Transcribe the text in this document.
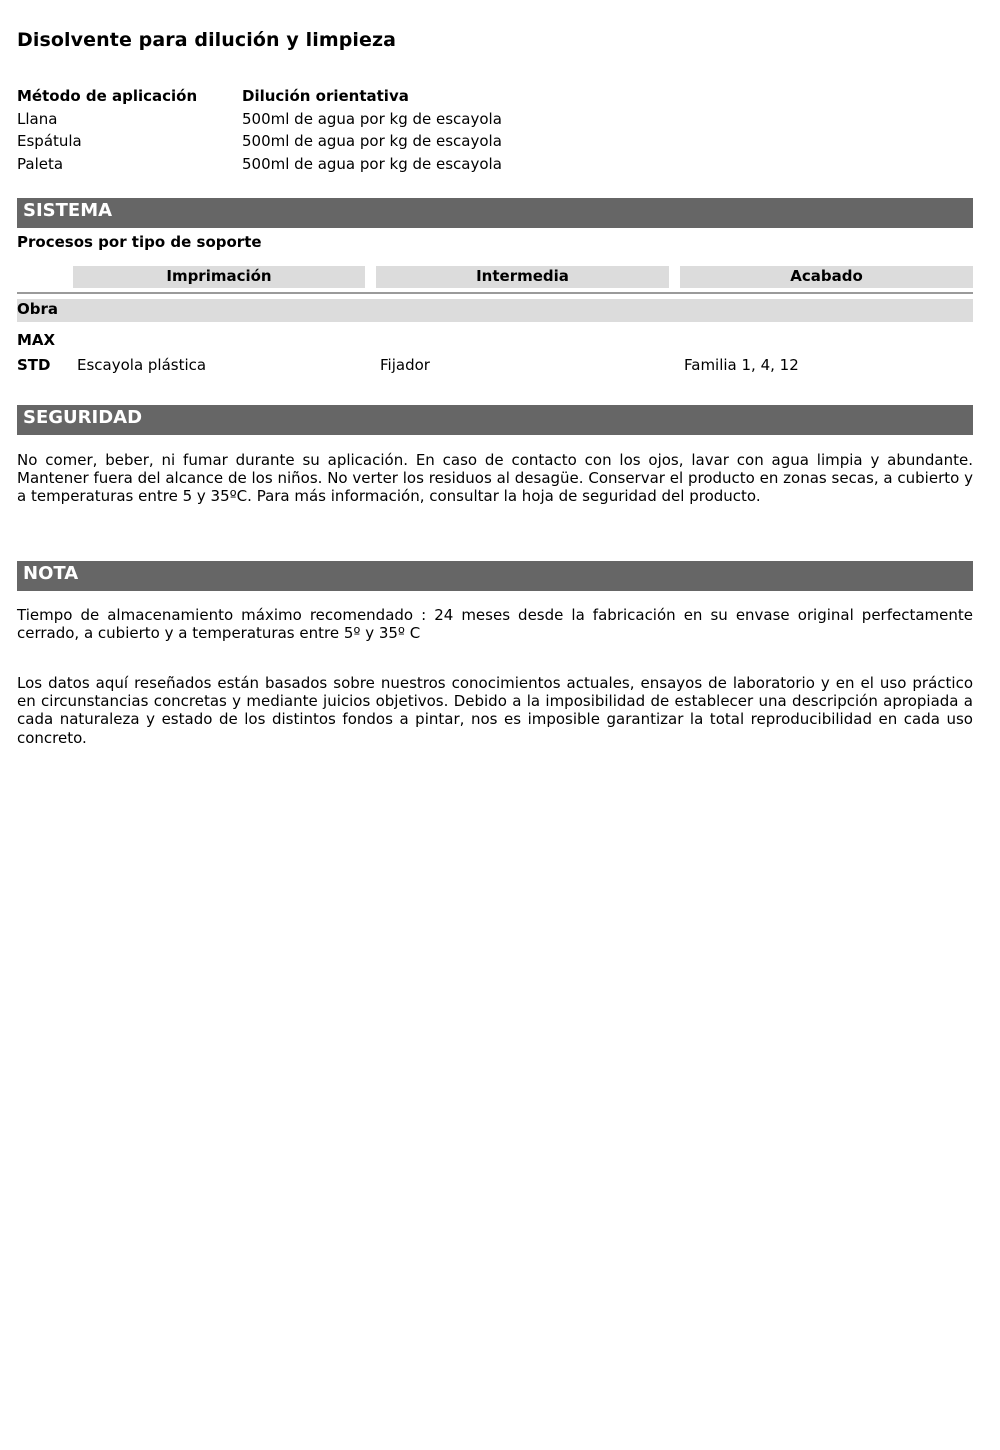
Disolvente para dilución y limpieza
Método de aplicación	Dilución orientativa
Llana	500ml de agua por kg de escayola
Espátula	500ml de agua por kg de escayola
Paleta	500ml de agua por kg de escayola
SISTEMA
Procesos por tipo de soporte
Imprimación	Intermedia	Acabado
Obra
MAX
STD Escayola plástica	Fijador	Familia 1, 4, 12
SEGURIDAD

No comer, beber, ni fumar durante su aplicación. En caso de contacto con los ojos, lavar con agua limpia y abundante. Mantener fuera del alcance de los niños. No verter los residuos al desagüe. Conservar el producto en zonas secas, a cubierto y a temperaturas entre 5 y 35ºC. Para más información, consultar la hoja de seguridad del producto.

NOTA

Tiempo de almacenamiento máximo recomendado : 24 meses desde la fabricación en su envase original perfectamente cerrado, a cubierto y a temperaturas entre 5º y 35º C

Los datos aquí reseñados están basados sobre nuestros conocimientos actuales, ensayos de laboratorio y en el uso práctico en circunstancias concretas y mediante juicios objetivos. Debido a la imposibilidad de establecer una descripción apropiada a cada naturaleza y estado de los distintos fondos a pintar, nos es imposible garantizar la total reproducibilidad en cada uso concreto.
